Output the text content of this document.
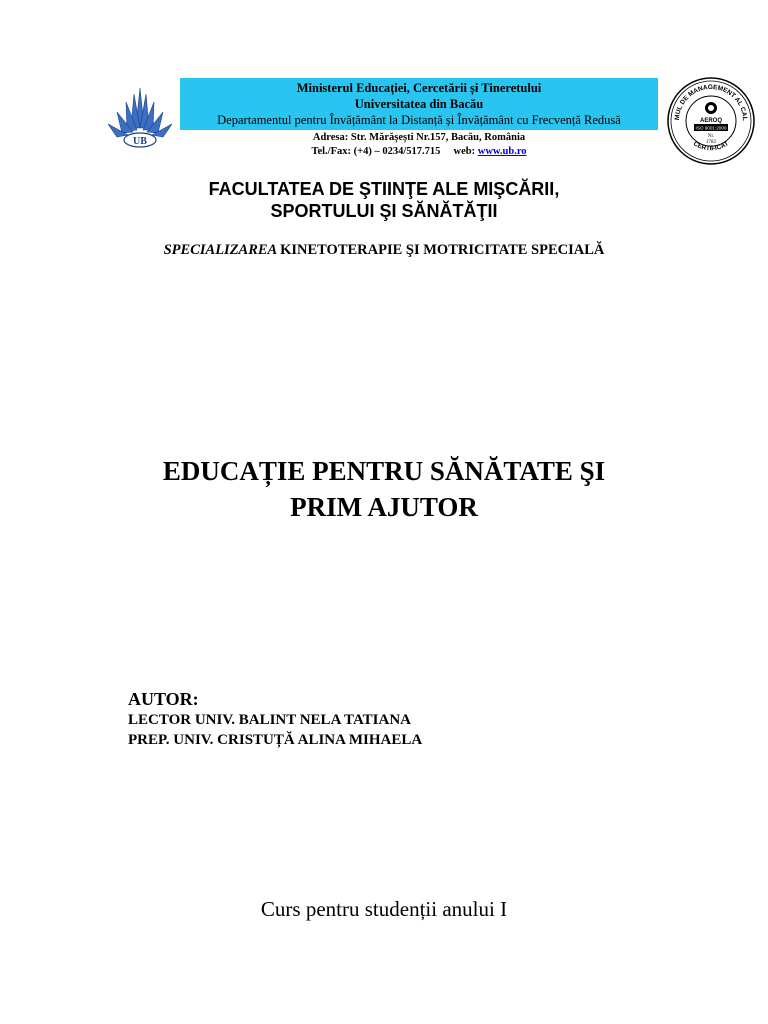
UB
Ministerul Educației, Cercetării și Tineretului
Universitatea din Bacău
Departamentul pentru Învățământ la Distanță și Învățământ cu Frecvență Redusă
Adresa: Str. Mărășești Nr.157, Bacău, România
Tel./Fax: (+4) – 0234/517.715     web: www.ub.ro
MUL DE MANAGEMENT AL CAL
CERTIFICAT
AEROQ
ISO 9001:2000
Nr.
1782
FACULTATEA DE ŞTIINŢE ALE MIŞCĂRII,
SPORTULUI ŞI SĂNĂTĂŢII
SPECIALIZAREA KINETOTERAPIE ŞI MOTRICITATE SPECIALĂ
EDUCAȚIE PENTRU SĂNĂTATE ŞI
PRIM AJUTOR
AUTOR:
LECTOR UNIV. BALINT NELA TATIANA
PREP. UNIV. CRISTUȚĂ ALINA MIHAELA
Curs pentru studenții anului I
